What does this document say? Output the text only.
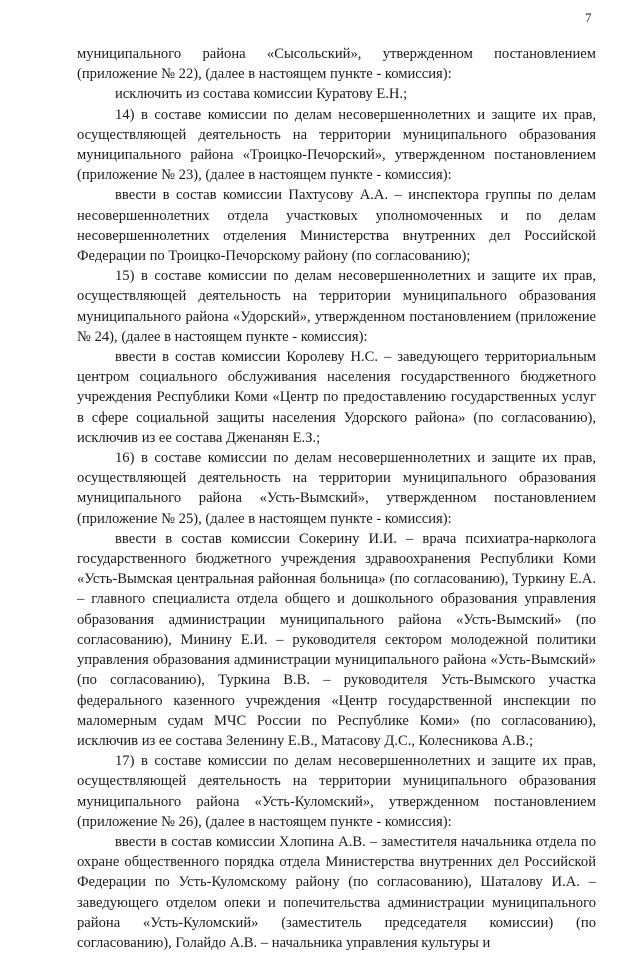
7

муниципального района «Сысольский», утвержденном постановлением (приложение № 22), (далее в настоящем пункте - комиссия):

исключить из состава комиссии Куратову Е.Н.;

14) в составе комиссии по делам несовершеннолетних и защите их прав, осуществляющей деятельность на территории муниципального образования муниципального района «Троицко-Печорский», утвержденном постановлением (приложение № 23), (далее в настоящем пункте - комиссия):

ввести в состав комиссии Пахтусову А.А. – инспектора группы по делам несовершеннолетних отдела участковых уполномоченных и по делам несовершеннолетних отделения Министерства внутренних дел Российской Федерации по Троицко-Печорскому району (по согласованию);

15) в составе комиссии по делам несовершеннолетних и защите их прав, осуществляющей деятельность на территории муниципального образования муниципального района «Удорский», утвержденном постановлением (приложение № 24), (далее в настоящем пункте - комиссия):

ввести в состав комиссии Королеву Н.С. – заведующего территориальным центром социального обслуживания населения государственного бюджетного учреждения Республики Коми «Центр по предоставлению государственных услуг в сфере социальной защиты населения Удорского района» (по согласованию), исключив из ее состава Дженанян Е.З.;

16) в составе комиссии по делам несовершеннолетних и защите их прав, осуществляющей деятельность на территории муниципального образования муниципального района «Усть-Вымский», утвержденном постановлением (приложение № 25), (далее в настоящем пункте - комиссия):

ввести в состав комиссии Сокерину И.И. – врача психиатра-нарколога государственного бюджетного учреждения здравоохранения Республики Коми «Усть-Вымская центральная районная больница» (по согласованию), Туркину Е.А. – главного специалиста отдела общего и дошкольного образования управления образования администрации муниципального района «Усть-Вымский» (по согласованию), Минину Е.И. – руководителя сектором молодежной политики управления образования администрации муниципального района «Усть-Вымский» (по согласованию), Туркина В.В. – руководителя Усть-Вымского участка федерального казенного учреждения «Центр государственной инспекции по маломерным судам МЧС России по Республике Коми» (по согласованию), исключив из ее состава Зеленину Е.В., Матасову Д.С., Колесникова А.В.;

17) в составе комиссии по делам несовершеннолетних и защите их прав, осуществляющей деятельность на территории муниципального образования муниципального района «Усть-Куломский», утвержденном постановлением (приложение № 26), (далее в настоящем пункте - комиссия):

ввести в состав комиссии Хлопина А.В. – заместителя начальника отдела по охране общественного порядка отдела Министерства внутренних дел Российской Федерации по Усть-Куломскому району (по согласованию), Шаталову И.А. – заведующего отделом опеки и попечительства администрации муниципального района «Усть-Куломский» (заместитель председателя комиссии) (по согласованию), Голайдо А.В. – начальника управления культуры и
